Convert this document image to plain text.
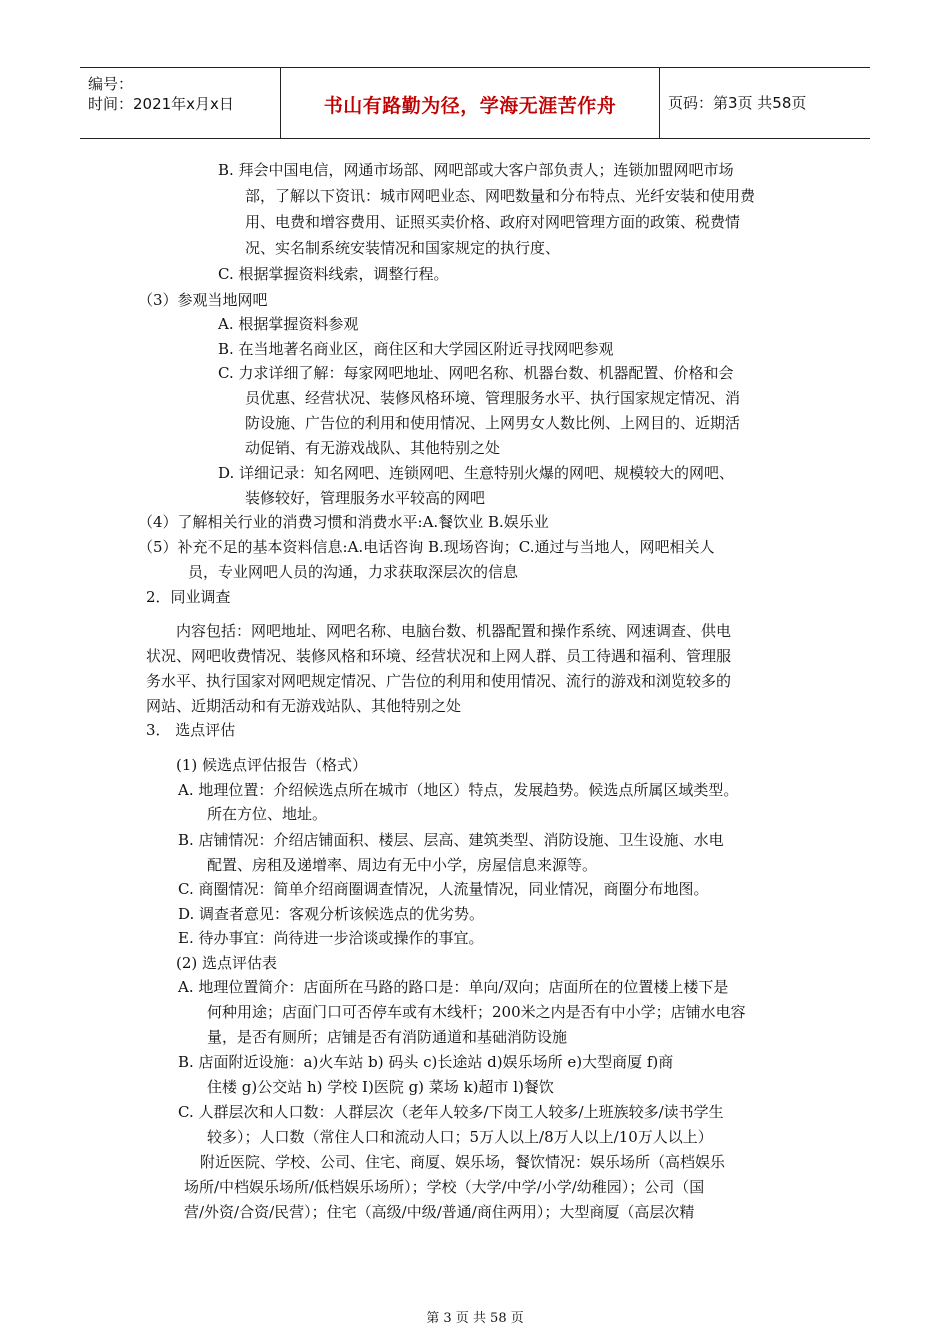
编号：
时间：2021年x月x日	书山有路勤为径，学海无涯苦作舟	页码：第3页 共58页
B. 拜会中国电信，网通市场部、网吧部或大客户部负责人；连锁加盟网吧市场
部，了解以下资讯：城市网吧业态、网吧数量和分布特点、光纤安装和使用费
用、电费和增容费用、证照买卖价格、政府对网吧管理方面的政策、税费情
况、实名制系统安装情况和国家规定的执行度、
C. 根据掌握资料线索，调整行程。
（3）参观当地网吧
A. 根据掌握资料参观
B. 在当地著名商业区，商住区和大学园区附近寻找网吧参观
C. 力求详细了解：每家网吧地址、网吧名称、机器台数、机器配置、价格和会
员优惠、经营状况、装修风格环境、管理服务水平、执行国家规定情况、消
防设施、广告位的利用和使用情况、上网男女人数比例、上网目的、近期活
动促销、有无游戏战队、其他特别之处
D. 详细记录：知名网吧、连锁网吧、生意特别火爆的网吧、规模较大的网吧、
装修较好，管理服务水平较高的网吧
（4）了解相关行业的消费习惯和消费水平:A.餐饮业 B.娱乐业
（5）补充不足的基本资料信息:A.电话咨询 B.现场咨询；C.通过与当地人，网吧相关人
员，专业网吧人员的沟通，力求获取深层次的信息
2．同业调查
内容包括：网吧地址、网吧名称、电脑台数、机器配置和操作系统、网速调查、供电
状况、网吧收费情况、装修风格和环境、经营状况和上网人群、员工待遇和福利、管理服
务水平、执行国家对网吧规定情况、广告位的利用和使用情况、流行的游戏和浏览较多的
网站、近期活动和有无游戏站队、其他特别之处
3． 选点评估
(1) 候选点评估报告（格式）
A. 地理位置：介绍候选点所在城市（地区）特点，发展趋势。候选点所属区域类型。
所在方位、地址。
B. 店铺情况：介绍店铺面积、楼层、层高、建筑类型、消防设施、卫生设施、水电
配置、房租及递增率、周边有无中小学，房屋信息来源等。
C. 商圈情况：简单介绍商圈调查情况，人流量情况，同业情况，商圈分布地图。
D. 调查者意见：客观分析该候选点的优劣势。
E. 待办事宜：尚待进一步洽谈或操作的事宜。
(2) 选点评估表
A. 地理位置简介：店面所在马路的路口是：单向/双向；店面所在的位置楼上楼下是
何种用途；店面门口可否停车或有木线杆；200米之内是否有中小学；店铺水电容
量，是否有厕所；店铺是否有消防通道和基础消防设施
B. 店面附近设施：a)火车站 b) 码头 c)长途站 d)娱乐场所 e)大型商厦 f)商
住楼 g)公交站 h) 学校 I)医院 g) 菜场 k)超市 l)餐饮
C. 人群层次和人口数：人群层次（老年人较多/下岗工人较多/上班族较多/读书学生
较多）；人口数（常住人口和流动人口；5万人以上/8万人以上/10万人以上）
附近医院、学校、公司、住宅、商厦、娱乐场，餐饮情况：娱乐场所（高档娱乐
场所/中档娱乐场所/低档娱乐场所）；学校（大学/中学/小学/幼稚园）；公司（国
营/外资/合资/民营）；住宅（高级/中级/普通/商住两用）；大型商厦（高层次精
第 3 页 共 58 页
